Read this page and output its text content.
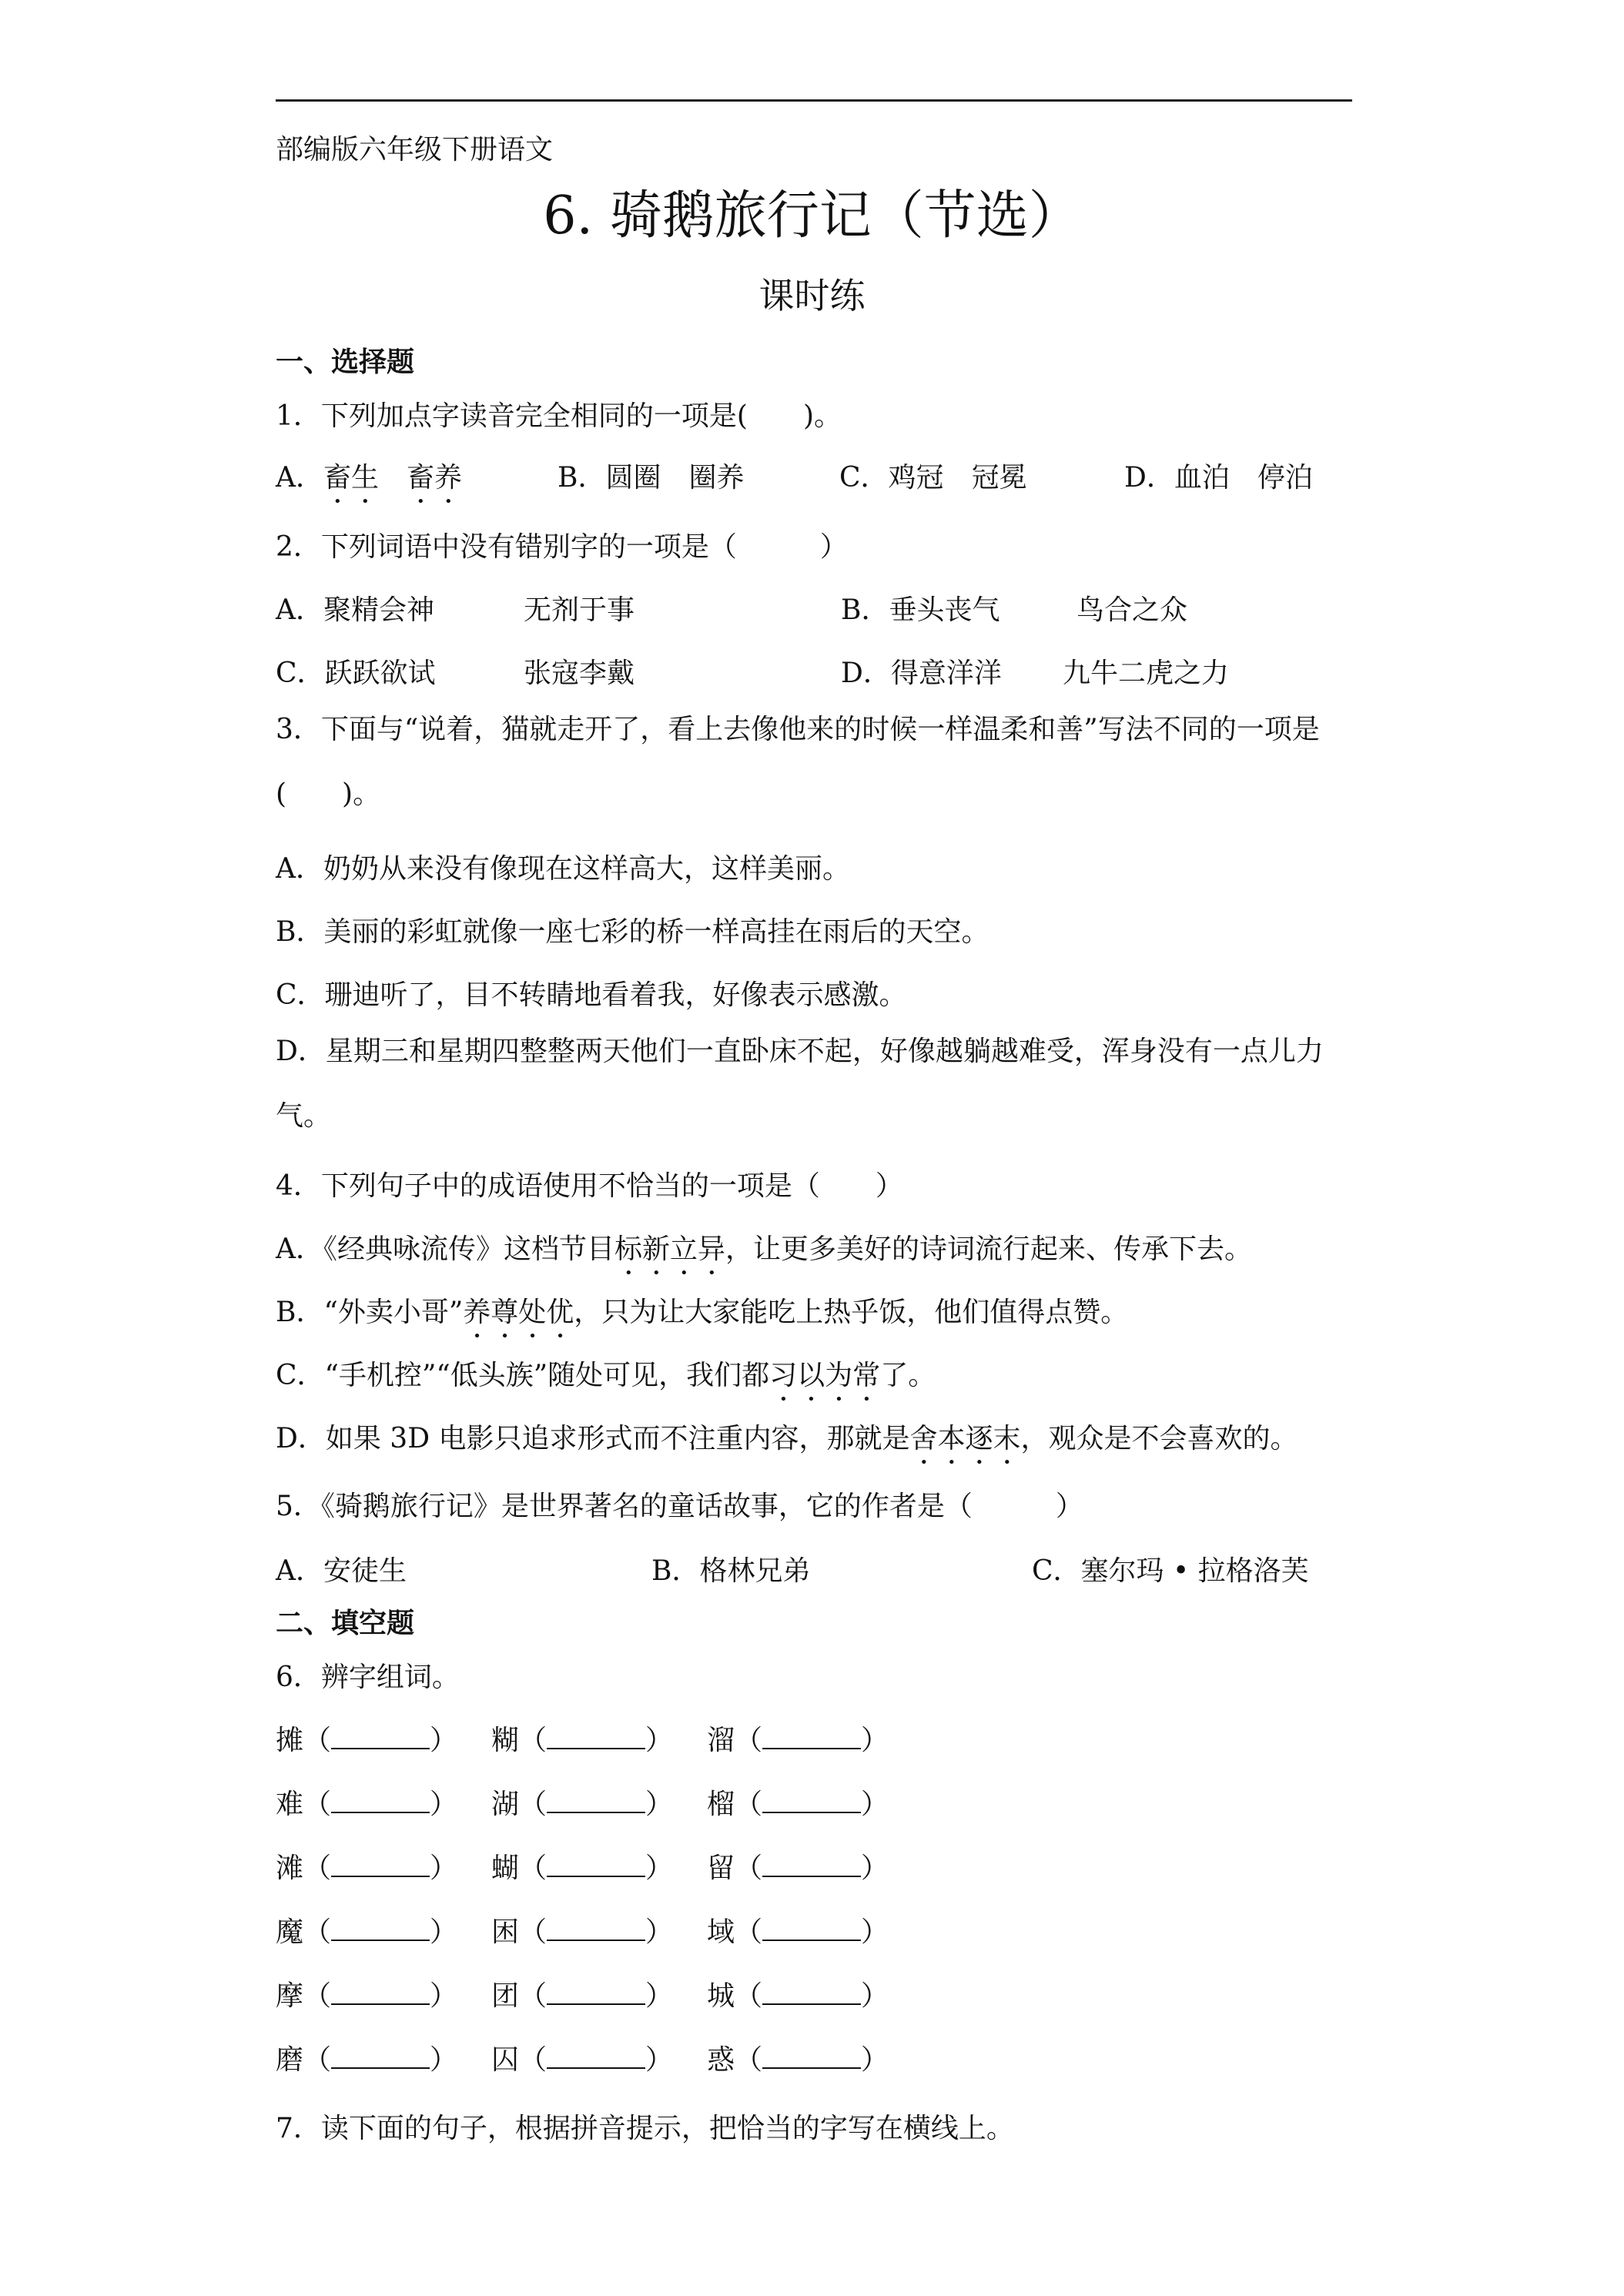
部编版六年级下册语文
6. 骑鹅旅行记（节选）
课时练
一、选择题
1．下列加点字读音完全相同的一项是(　　)。
A．畜生　 畜养	B．圆圈　 圈养	C．鸡冠　 冠冕	D．血泊　 停泊
2．下列词语中没有错别字的一项是（　　　）
A．聚精会神	无剂于事	B．垂头丧气	鸟合之众
C．跃跃欲试	张寇李戴	D．得意洋洋 九牛二虎之力
3．下面与“说着，猫就走开了，看上去像他来的时候一样温柔和善”写法不同的一项是(　　)。
A．奶奶从来没有像现在这样高大，这样美丽。
B．美丽的彩虹就像一座七彩的桥一样高挂在雨后的天空。
C．珊迪听了，目不转睛地看着我，好像表示感激。
D．星期三和星期四整整两天他们一直卧床不起，好像越躺越难受，浑身没有一点儿力气。
4．下列句子中的成语使用不恰当的一项是（　　）
A．《经典咏流传》这档节目标新立异，让更多美好的诗词流行起来、传承下去。
B．“外卖小哥”养尊处优，只为让大家能吃上热乎饭，他们值得点赞。
C．“手机控”“低头族”随处可见，我们都习以为常了。
D．如果 3D 电影只追求形式而不注重内容，那就是舍本逐末，观众是不会喜欢的。
5．《骑鹅旅行记》是世界著名的童话故事，它的作者是（　　　）
A．安徒生	B．格林兄弟	C．塞尔玛 • 拉格洛芙
二、填空题
6．辨字组词。
摊（	） 糊（	） 溜（	）
难（	） 湖（	） 榴（	）
滩（	） 蝴（	） 留（	）
魔（	） 困（	） 域（	）
摩（	） 团（	） 城（	）
磨（	） 囚（	） 惑（	）
7．读下面的句子，根据拼音提示，把恰当的字写在横线上。
